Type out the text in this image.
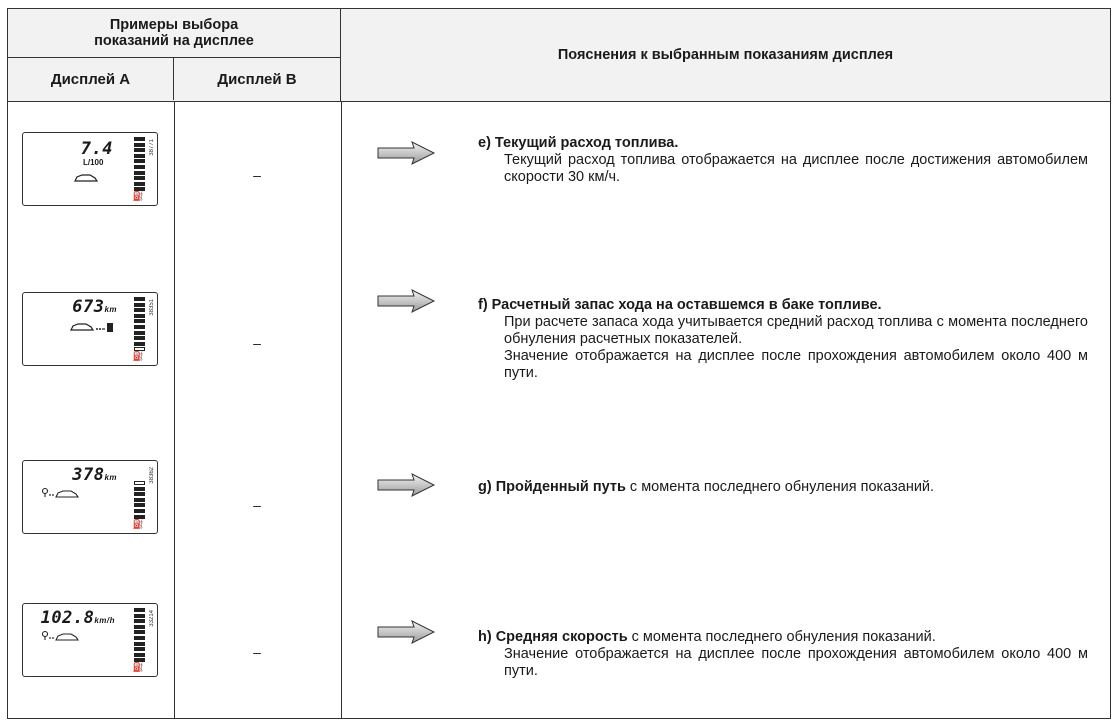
Примеры выбора
показаний на дисплее
Дисплей А	Дисплей В
Пояснения к выбранным показаниям дисплея
7.4
L/100
⛽
38771
–
e) Текущий расход топлива.
Текущий расход топлива отображается на дисплее после достижения автомобилем скорости 30 км/ч.
673km
⛽
38351
–
f) Расчетный запас хода на оставшемся в баке топливе.
При расчете запаса хода учитывается средний расход топлива с момента последнего обнуления расчетных показателей.
Значение отображается на дисплее после прохождения автомобилем около 400 м пути.
378km
⛽
38362
–
g) Пройденный путь с момента последнего обнуления показаний.
102.8km/h
⛽
33214
–
h) Средняя скорость с момента последнего обнуления показаний.
Значение отображается на дисплее после прохождения автомобилем около 400 м пути.
